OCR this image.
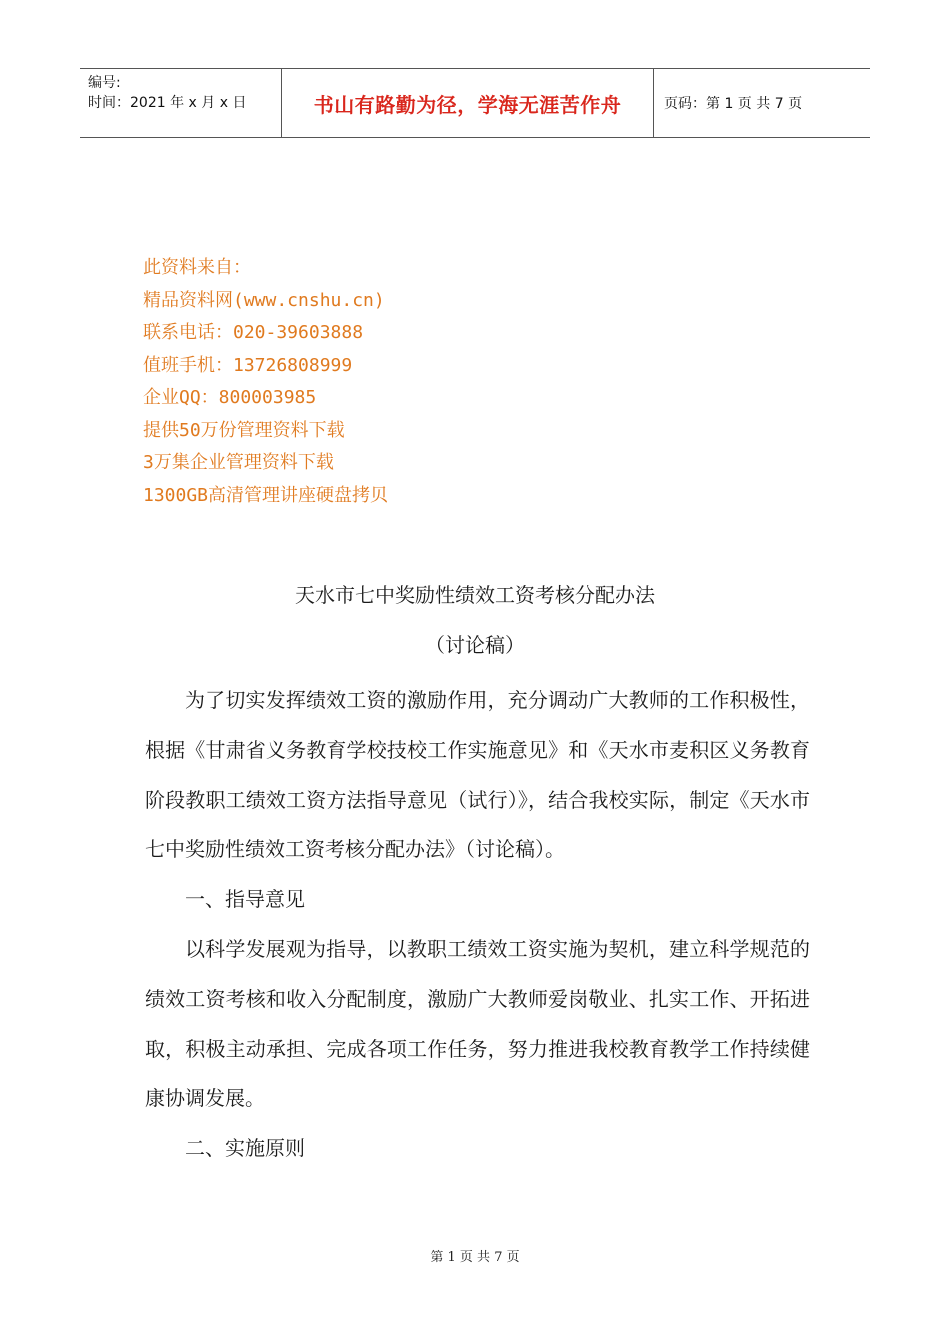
编号:
时间：2021 年 x 月 x 日	书山有路勤为径，学海无涯苦作舟	页码：第 1 页 共 7 页
此资料来自：
精品资料网(www.cnshu.cn)
联系电话：020-39603888
值班手机：13726808999
企业QQ：800003985
提供50万份管理资料下载
3万集企业管理资料下载
1300GB高清管理讲座硬盘拷贝
天水市七中奖励性绩效工资考核分配办法
（讨论稿）

为了切实发挥绩效工资的激励作用，充分调动广大教师的工作积极性，根据《甘肃省义务教育学校技校工作实施意见》和《天水市麦积区义务教育阶段教职工绩效工资方法指导意见（试行）》，结合我校实际，制定《天水市七中奖励性绩效工资考核分配办法》（讨论稿）。

一、指导意见

以科学发展观为指导，以教职工绩效工资实施为契机，建立科学规范的绩效工资考核和收入分配制度，激励广大教师爱岗敬业、扎实工作、开拓进取，积极主动承担、完成各项工作任务，努力推进我校教育教学工作持续健康协调发展。

二、实施原则

第 1 页 共 7 页
